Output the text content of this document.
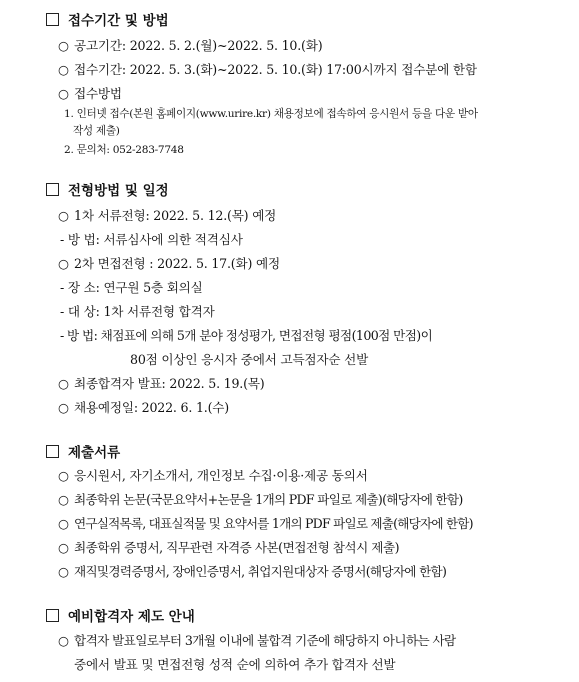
접수기간 및 방법
○ 공고기간: 2022. 5. 2.(월)~2022. 5. 10.(화)
○ 접수기간: 2022. 5. 3.(화)~2022. 5. 10.(화) 17:00시까지 접수분에 한함
○ 접수방법
1. 인터넷 접수(본원 홈페이지(www.urire.kr) 채용정보에 접속하여 응시원서 등을 다운 받아
작성 제출)
2. 문의처: 052-283-7748
전형방법 및 일정
○ 1차 서류전형: 2022. 5. 12.(목) 예정
- 방 법: 서류심사에 의한 적격심사
○ 2차 면접전형 : 2022. 5. 17.(화) 예정
- 장 소: 연구원 5층 회의실
- 대 상: 1차 서류전형 합격자
- 방 법: 채점표에 의해 5개 분야 정성평가, 면접전형 평점(100점 만점)이
80점 이상인 응시자 중에서 고득점자순 선발
○ 최종합격자 발표: 2022. 5. 19.(목)
○ 채용예정일: 2022. 6. 1.(수)
제출서류
○ 응시원서, 자기소개서, 개인정보 수집·이용·제공 동의서
○ 최종학위 논문(국문요약서+논문을 1개의 PDF 파일로 제출)(해당자에 한함)
○ 연구실적목록, 대표실적물 및 요약서를 1개의 PDF 파일로 제출(해당자에 한함)
○ 최종학위 증명서, 직무관련 자격증 사본(면접전형 참석시 제출)
○ 재직및경력증명서, 장애인증명서, 취업지원대상자 증명서(해당자에 한함)
예비합격자 제도 안내
○ 합격자 발표일로부터 3개월 이내에 불합격 기준에 해당하지 아니하는 사람
중에서 발표 및 면접전형 성적 순에 의하여 추가 합격자 선발
